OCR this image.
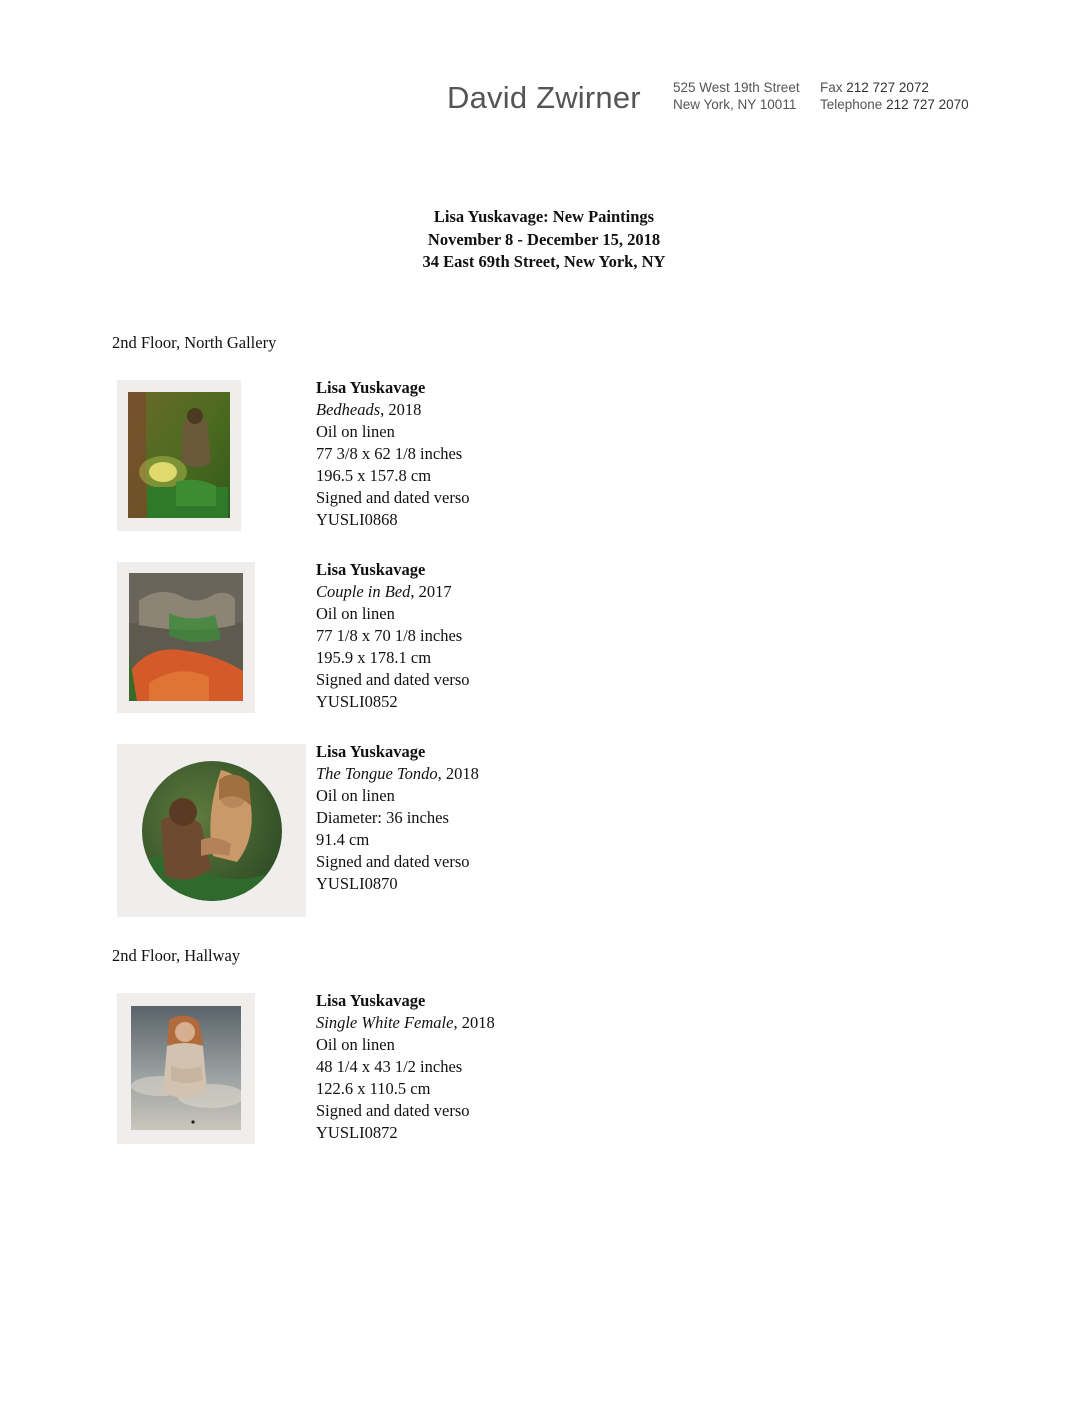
David Zwirner 525 West 19th Street
New York, NY 10011
Fax 212 727 2072
Telephone 212 727 2070
Lisa Yuskavage: New Paintings
November 8 - December 15, 2018
34 East 69th Street, New York, NY
2nd Floor, North Gallery
Lisa Yuskavage
Bedheads, 2018
Oil on linen
77 3/8 x 62 1/8 inches
196.5 x 157.8 cm
Signed and dated verso
YUSLI0868
Lisa Yuskavage
Couple in Bed, 2017
Oil on linen
77 1/8 x 70 1/8 inches
195.9 x 178.1 cm
Signed and dated verso
YUSLI0852
Lisa Yuskavage
The Tongue Tondo, 2018
Oil on linen
Diameter: 36 inches
91.4 cm
Signed and dated verso
YUSLI0870
2nd Floor, Hallway
Lisa Yuskavage
Single White Female, 2018
Oil on linen
48 1/4 x 43 1/2 inches
122.6 x 110.5 cm
Signed and dated verso
YUSLI0872
